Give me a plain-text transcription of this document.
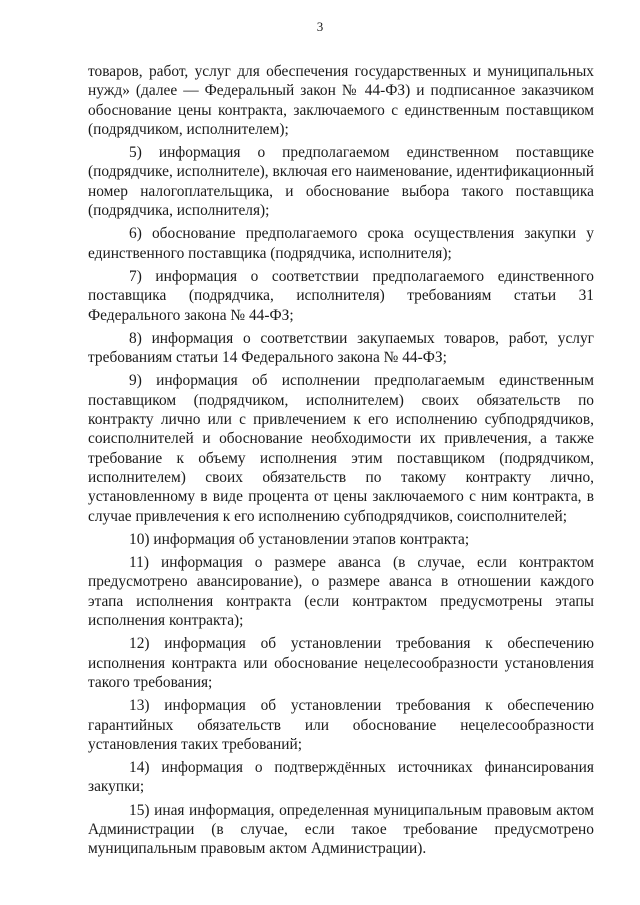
3

товаров, работ, услуг для обеспечения государственных и муниципальных нужд» (далее — Федеральный закон № 44-ФЗ) и подписанное заказчиком обоснование цены контракта, заключаемого с единственным поставщиком (подрядчиком, исполнителем);

5) информация о предполагаемом единственном поставщике (подрядчике, исполнителе), включая его наименование, идентификационный номер налогоплательщика, и обоснование выбора такого поставщика (подрядчика, исполнителя);

6) обоснование предполагаемого срока осуществления закупки у единственного поставщика (подрядчика, исполнителя);

7) информация о соответствии предполагаемого единственного поставщика (подрядчика, исполнителя) требованиям статьи 31 Федерального закона № 44-ФЗ;

8) информация о соответствии закупаемых товаров, работ, услуг требованиям статьи 14 Федерального закона № 44-ФЗ;

9) информация об исполнении предполагаемым единственным поставщиком (подрядчиком, исполнителем) своих обязательств по контракту лично или с привлечением к его исполнению субподрядчиков, соисполнителей и обоснование необходимости их привлечения, а также требование к объему исполнения этим поставщиком (подрядчиком, исполнителем) своих обязательств по такому контракту лично, установленному в виде процента от цены заключаемого с ним контракта, в случае привлечения к его исполнению субподрядчиков, соисполнителей;

10) информация об установлении этапов контракта;

11) информация о размере аванса (в случае, если контрактом предусмотрено авансирование), о размере аванса в отношении каждого этапа исполнения контракта (если контрактом предусмотрены этапы исполнения контракта);

12) информация об установлении требования к обеспечению исполнения контракта или обоснование нецелесообразности установления такого требования;

13) информация об установлении требования к обеспечению гарантийных обязательств или обоснование нецелесообразности установления таких требований;

14) информация о подтверждённых источниках финансирования закупки;

15) иная информация, определенная муниципальным правовым актом Администрации (в случае, если такое требование предусмотрено муниципальным правовым актом Администрации).
